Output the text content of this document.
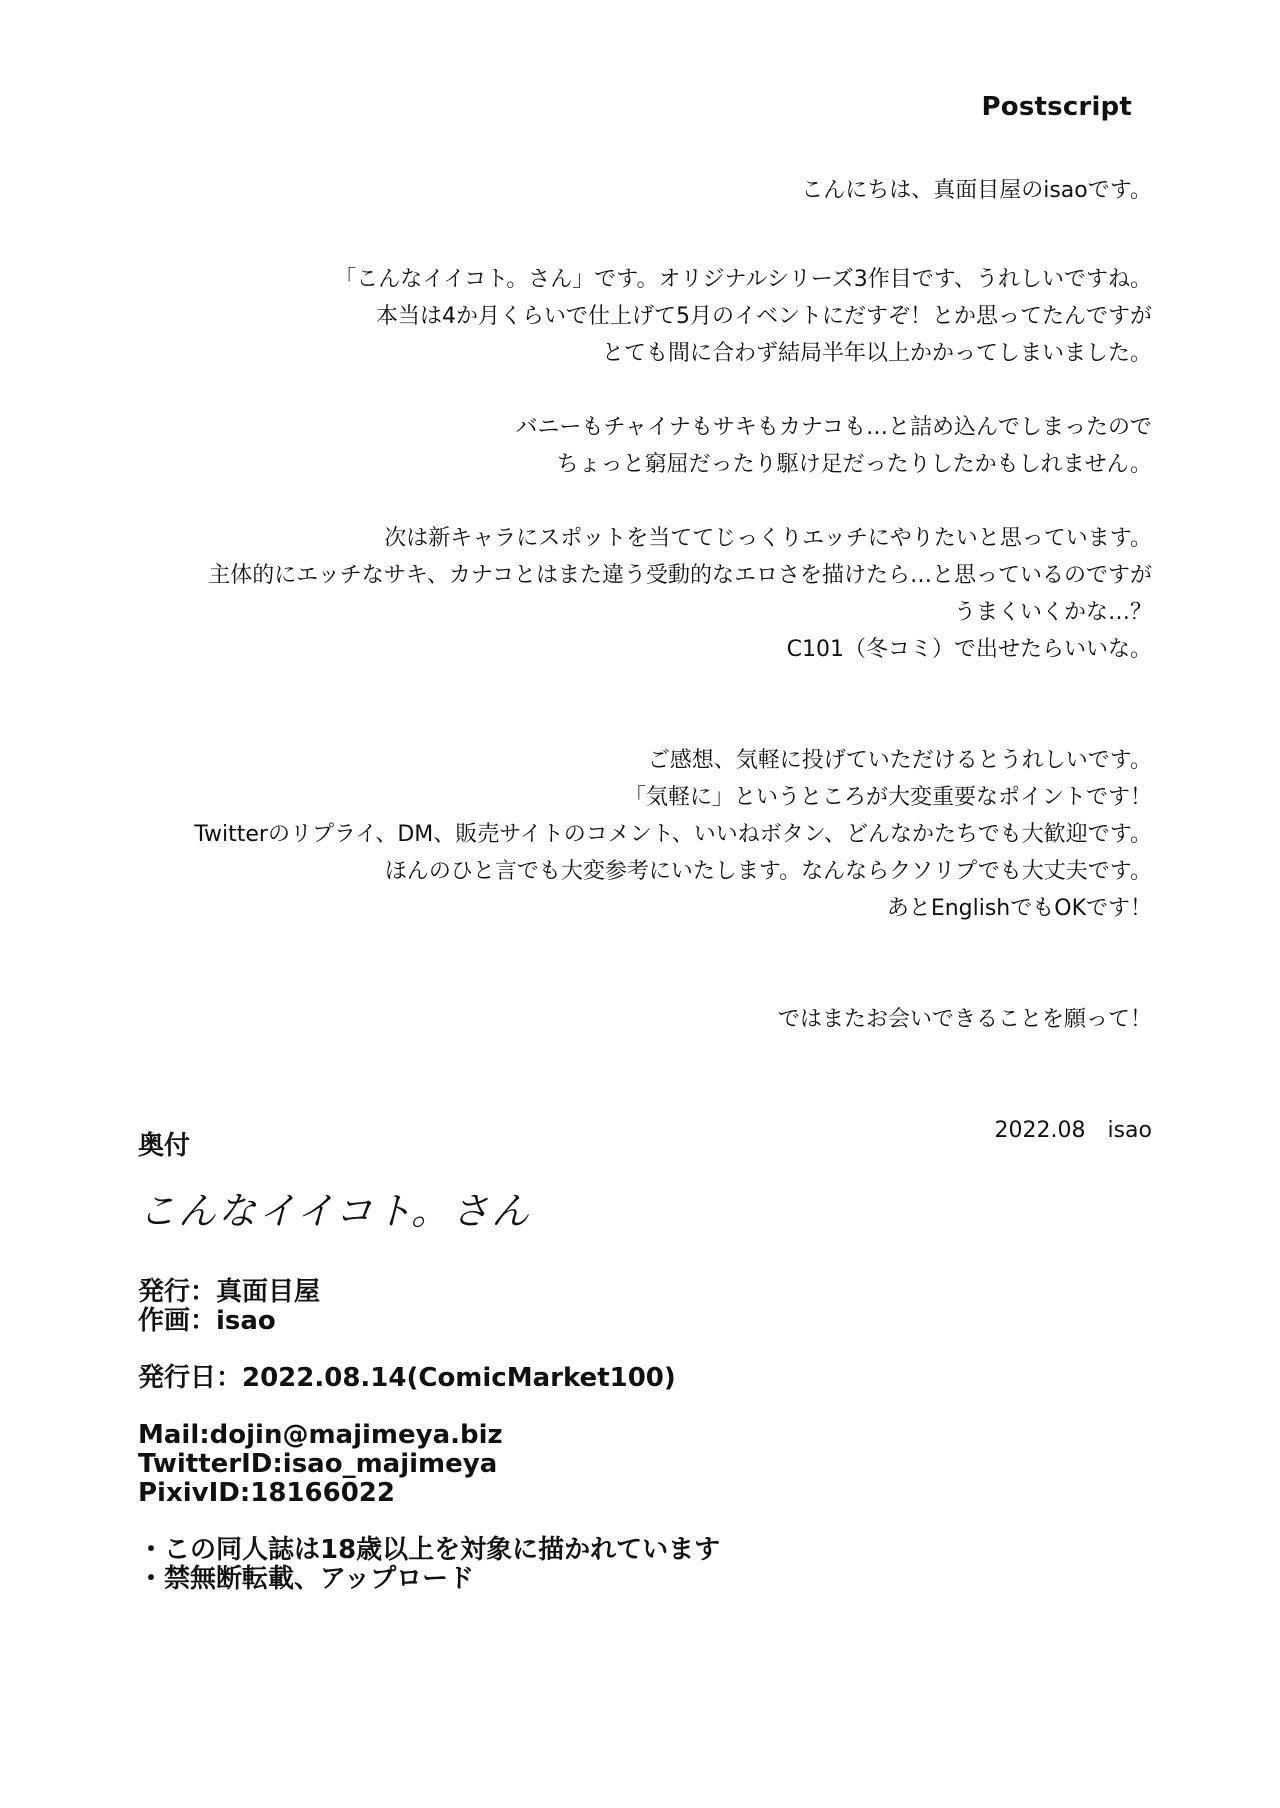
Postscript
こんにちは、真面目屋のisaoです。
「こんなイイコト。さん」です。オリジナルシリーズ3作目です、うれしいですね。
本当は4か月くらいで仕上げて5月のイベントにだすぞ！とか思ってたんですが
とても間に合わず結局半年以上かかってしまいました。
バニーもチャイナもサキもカナコも…と詰め込んでしまったので
ちょっと窮屈だったり駆け足だったりしたかもしれません。
次は新キャラにスポットを当ててじっくりエッチにやりたいと思っています。
主体的にエッチなサキ、カナコとはまた違う受動的なエロさを描けたら…と思っているのですが
うまくいくかな…？
C101（冬コミ）で出せたらいいな。
ご感想、気軽に投げていただけるとうれしいです。
「気軽に」というところが大変重要なポイントです！
Twitterのリプライ、DM、販売サイトのコメント、いいねボタン、どんなかたちでも大歓迎です。
ほんのひと言でも大変参考にいたします。なんならクソリプでも大丈夫です。
あとEnglishでもOKです！
ではまたお会いできることを願って！
2022.08 isao
奥付
こんなイイコト。さん
発行：真面目屋
作画：isao
発行日：2022.08.14(ComicMarket100)
Mail:dojin@majimeya.biz
TwitterID:isao_majimeya
PixivID:18166022
・この同人誌は18歳以上を対象に描かれています
・禁無断転載、アップロード
